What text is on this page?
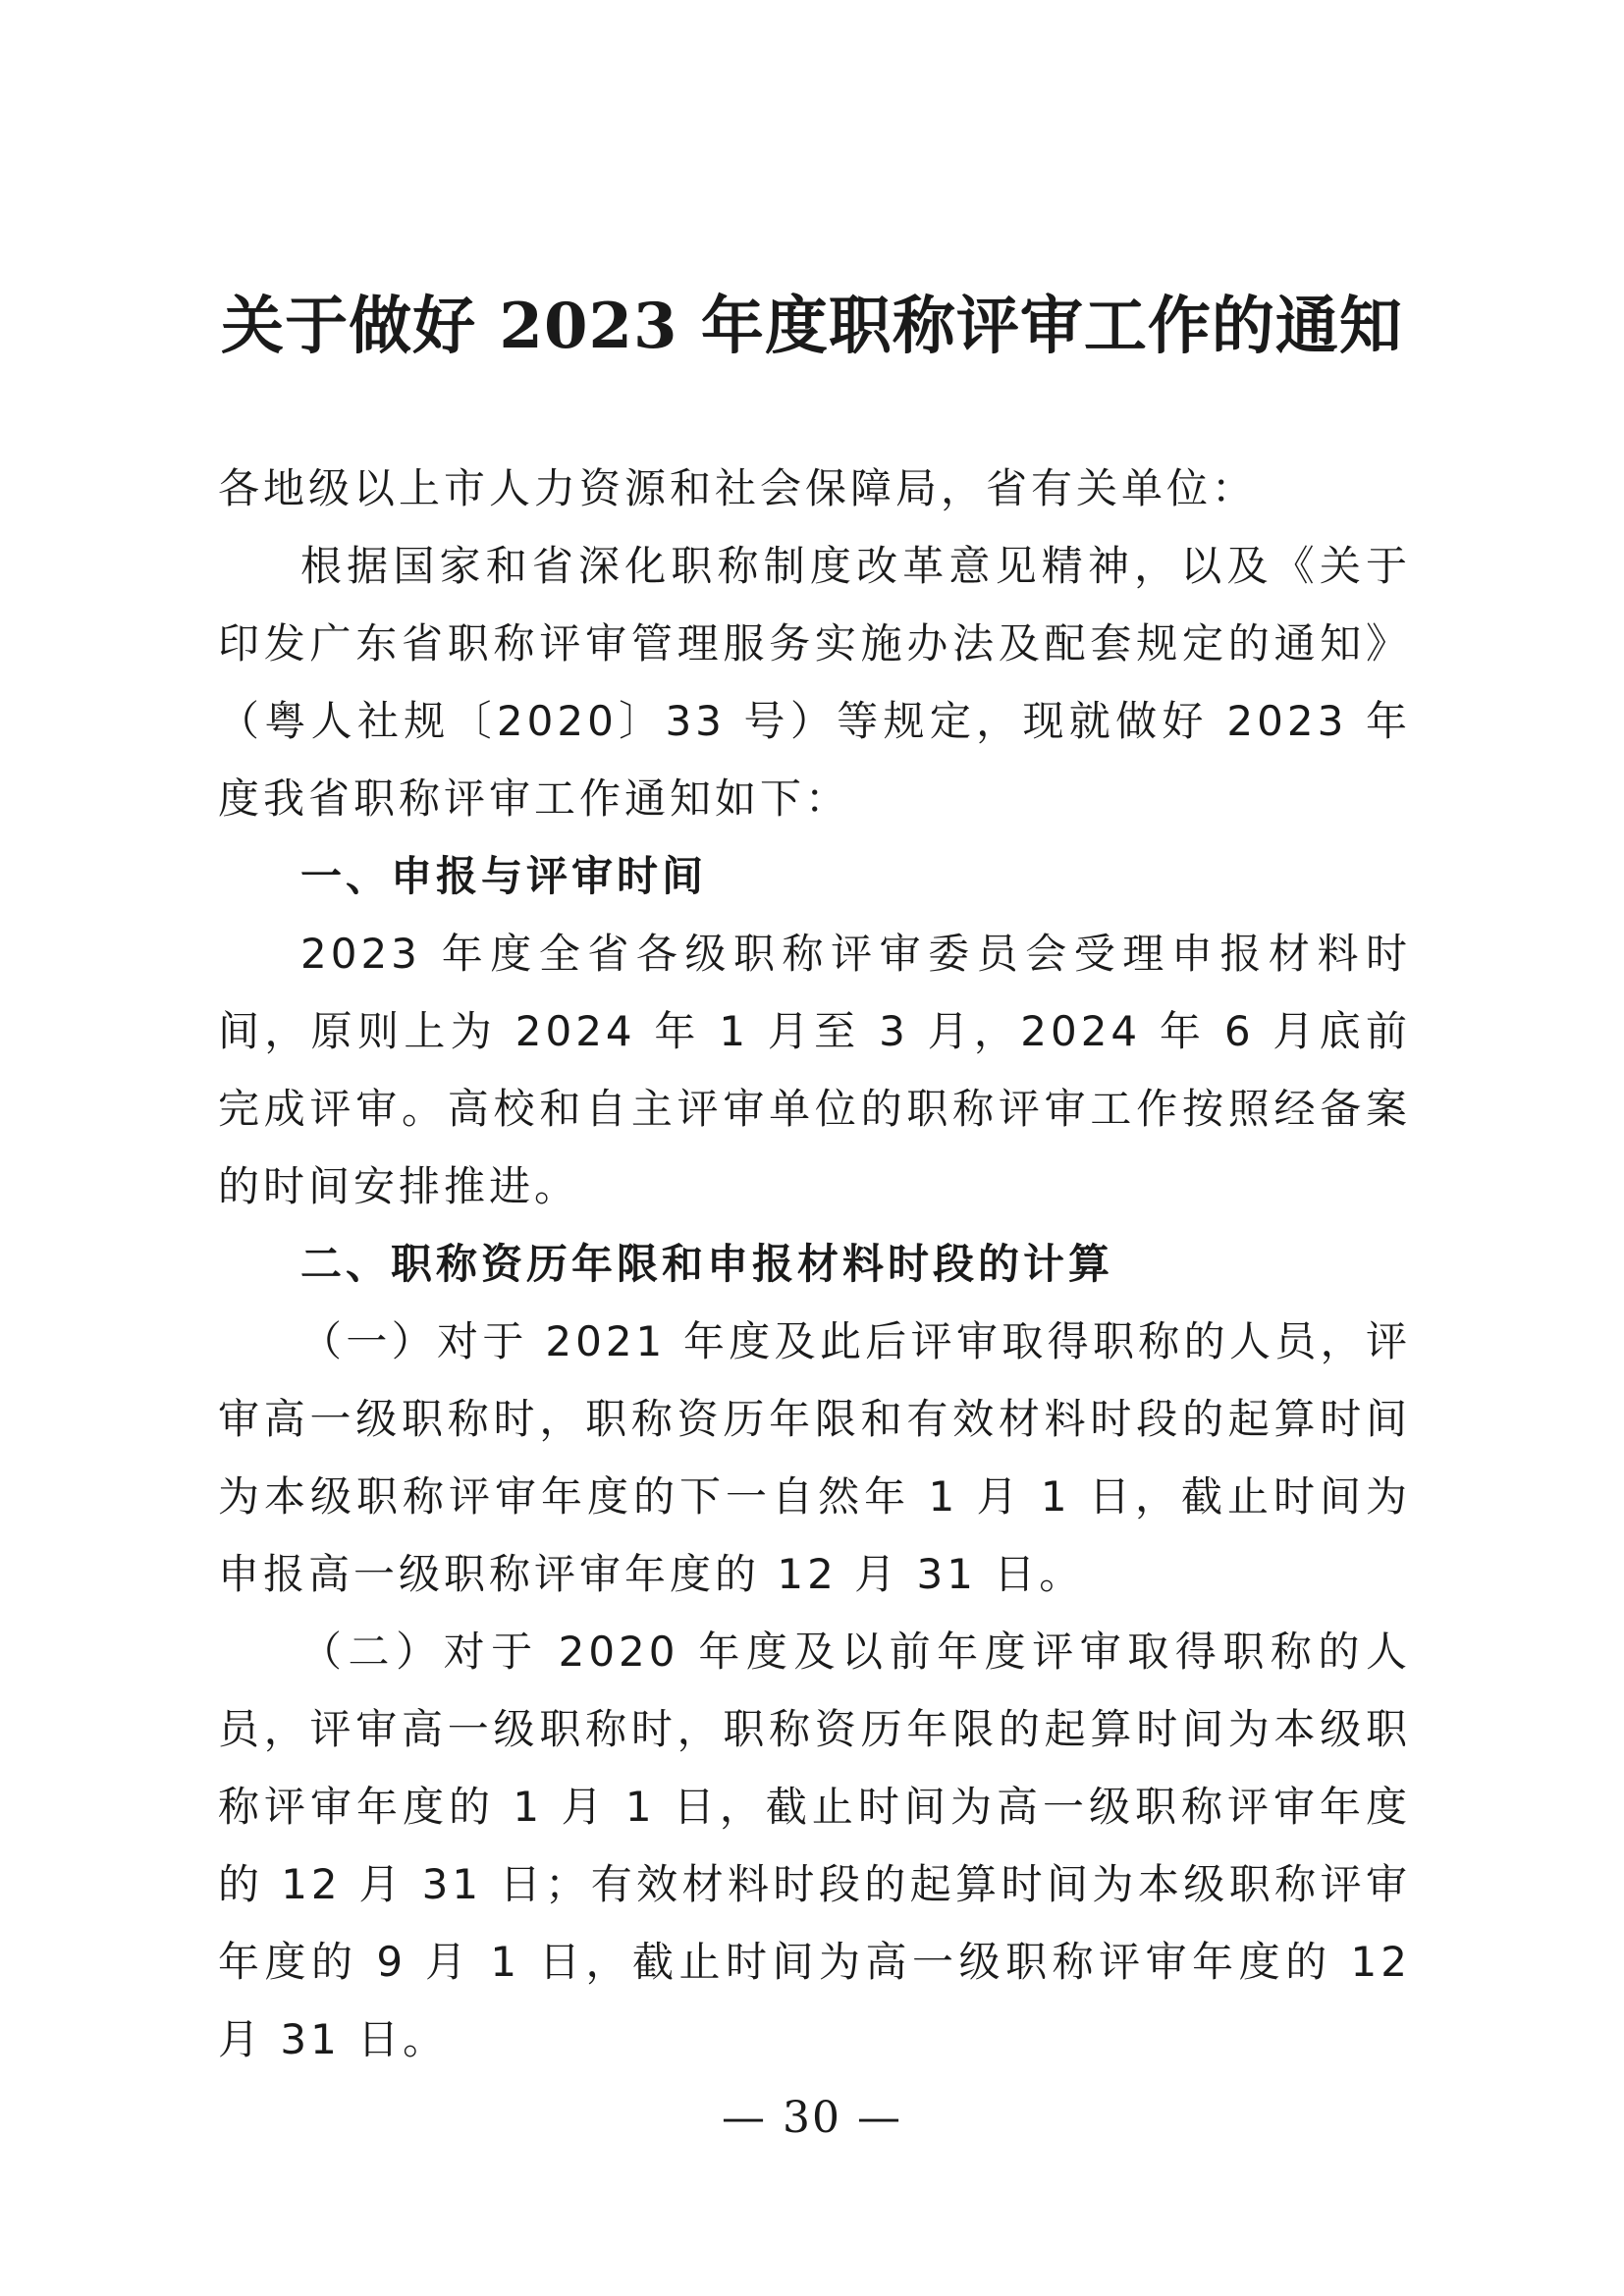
关于做好 2023 年度职称评审工作的通知

各地级以上市人力资源和社会保障局，省有关单位：

根据国家和省深化职称制度改革意见精神，以及《关于印发广东省职称评审管理服务实施办法及配套规定的通知》（粤人社规〔2020〕33 号）等规定，现就做好 2023 年度我省职称评审工作通知如下：

一、申报与评审时间

2023 年度全省各级职称评审委员会受理申报材料时间，原则上为 2024 年 1 月至 3 月，2024 年 6 月底前完成评审。高校和自主评审单位的职称评审工作按照经备案的时间安排推进。

二、职称资历年限和申报材料时段的计算

（一）对于 2021 年度及此后评审取得职称的人员，评审高一级职称时，职称资历年限和有效材料时段的起算时间为本级职称评审年度的下一自然年 1 月 1 日，截止时间为申报高一级职称评审年度的 12 月 31 日。

（二）对于 2020 年度及以前年度评审取得职称的人员，评审高一级职称时，职称资历年限的起算时间为本级职称评审年度的 1 月 1 日，截止时间为高一级职称评审年度的 12 月 31 日；有效材料时段的起算时间为本级职称评审年度的 9 月 1 日，截止时间为高一级职称评审年度的 12 月 31 日。

— 30 —
